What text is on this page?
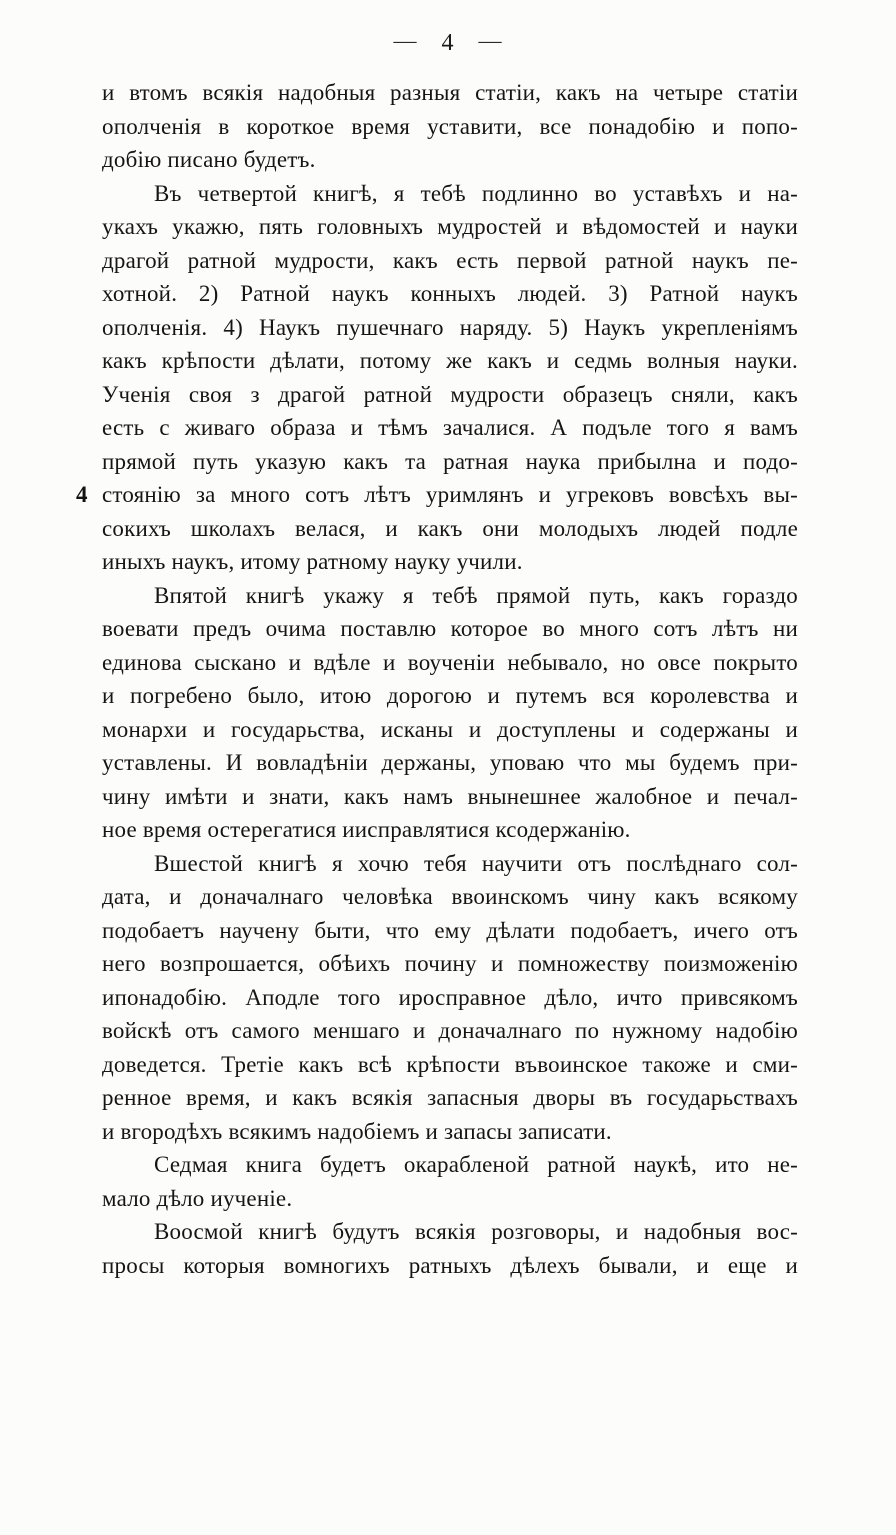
— 4 —
и втомъ всякія надобныя разныя статіи, какъ на четыре статіи
ополченія в короткое время уставити, все понадобію и попо-
добію писано будетъ.
Въ четвертой книгѣ, я тебѣ подлинно во уставѣхъ и на-
укахъ укажю, пять головныхъ мудростей и вѣдомостей и науки
драгой ратной мудрости, какъ есть первой ратной наукъ пе-
хотной. 2) Ратной наукъ конныхъ людей. 3) Ратной наукъ
ополченія. 4) Наукъ пушечнаго наряду. 5) Наукъ укрепленіямъ
какъ крѣпости дѣлати, потому же какъ и седмь волныя науки.
Ученія своя з драгой ратной мудрости образецъ сняли, какъ
есть с живаго образа и тѣмъ зачалися. А подъле того я вамъ
прямой путь указую какъ та ратная наука прибылна и подо-
стоянію за много сотъ лѣтъ уримлянъ и угрековъ вовсѣхъ вы-
4
сокихъ школахъ велася, и какъ они молодыхъ людей подле
иныхъ наукъ, итому ратному науку учили.
Впятой книгѣ укажу я тебѣ прямой путь, какъ гораздо
воевати предъ очима поставлю которое во много сотъ лѣтъ ни
единова сыскано и вдѣле и воученіи небывало, но овсе покрыто
и погребено было, итою дорогою и путемъ вся королевства и
монархи и государьства, исканы и доступлены и содержаны и
уставлены. И вовладѣніи держаны, уповаю что мы будемъ при-
чину имѣти и знати, какъ намъ внынешнее жалобное и печал-
ное время остерегатися иисправлятися ксодержанію.
Вшестой книгѣ я хочю тебя научити отъ послѣднаго сол-
дата, и доначалнаго человѣка ввоинскомъ чину какъ всякому
подобаетъ научену быти, что ему дѣлати подобаетъ, ичего отъ
него возпрошается, обѣихъ почину и помножеству поизможенію
ипонадобію. Аподле того иросправное дѣло, ичто привсякомъ
войскѣ отъ самого меншаго и доначалнаго по нужному надобію
доведется. Третіе какъ всѣ крѣпости въвоинское такоже и сми-
ренное время, и какъ всякія запасныя дворы въ государьствахъ
и вгородѣхъ всякимъ надобіемъ и запасы записати.
Седмая книга будетъ окарабленой ратной наукѣ, ито не-
мало дѣло иученіе.
Воосмой книгѣ будутъ всякія розговоры, и надобныя вос-
просы которыя вомногихъ ратныхъ дѣлехъ бывали, и еще и
